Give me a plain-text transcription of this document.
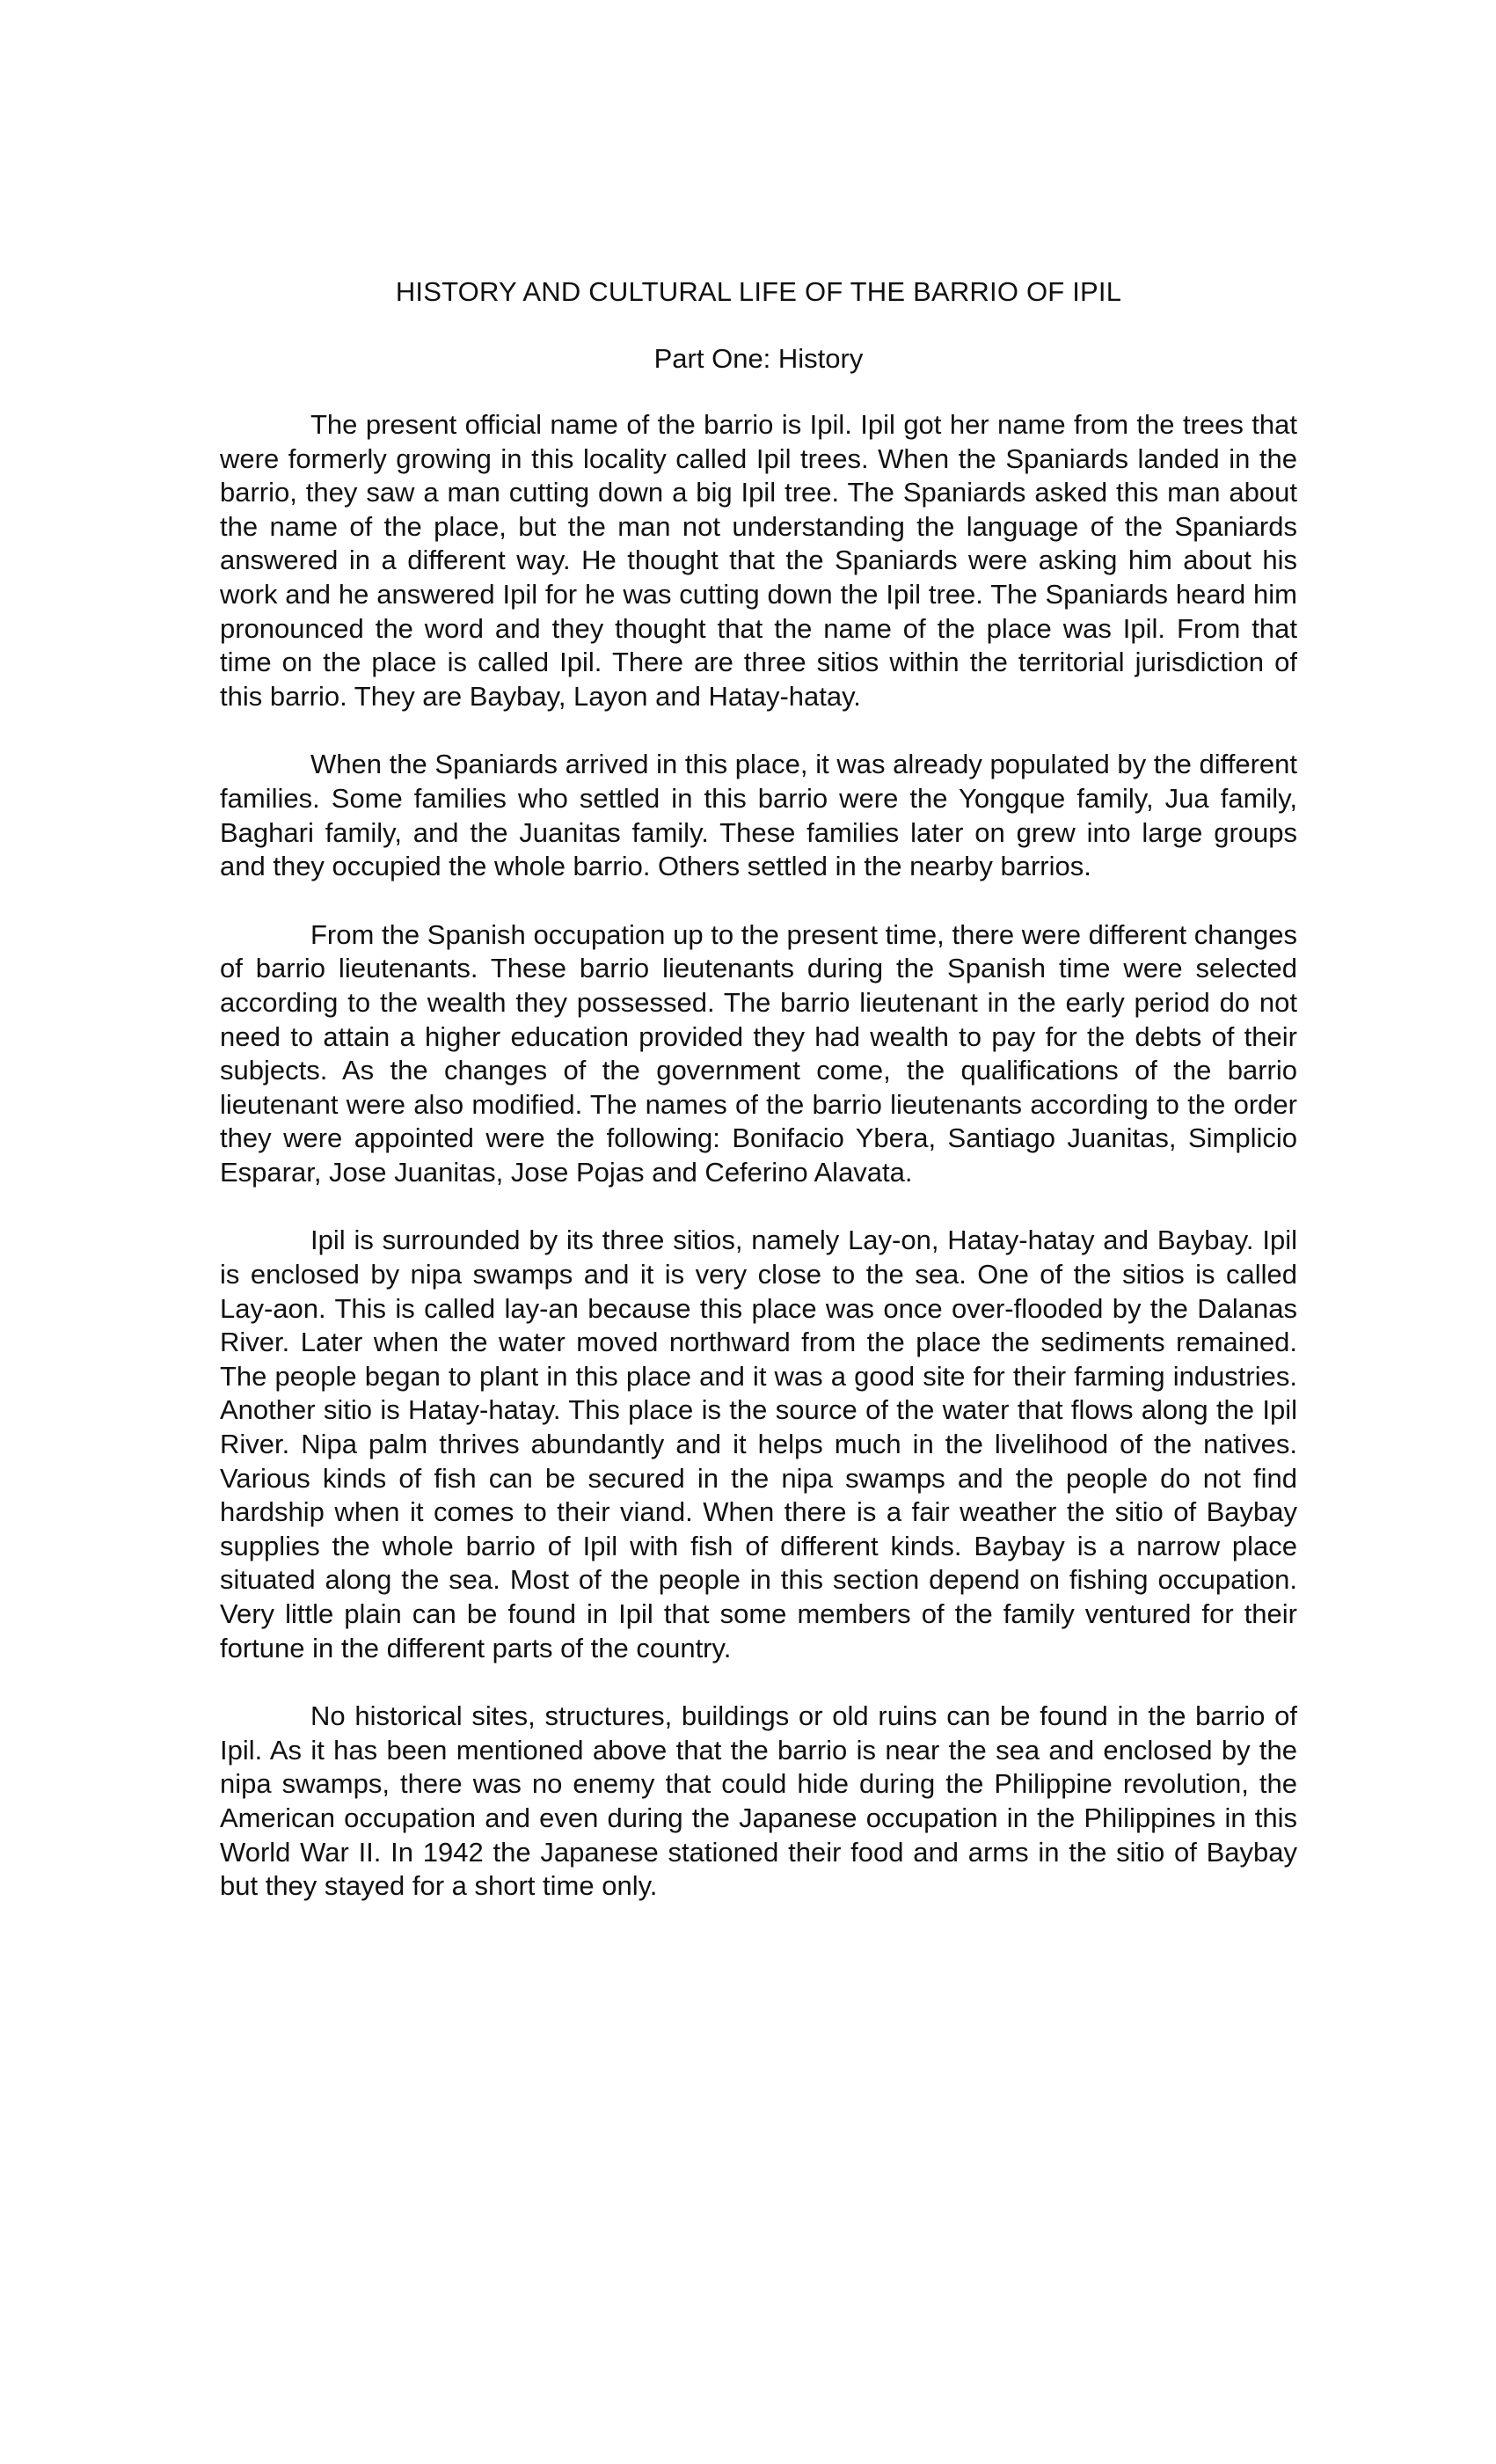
HISTORY AND CULTURAL LIFE OF THE BARRIO OF IPIL
Part One: History

The present official name of the barrio is Ipil. Ipil got her name from the trees that were formerly growing in this locality called Ipil trees. When the Spaniards landed in the barrio, they saw a man cutting down a big Ipil tree. The Spaniards asked this man about the name of the place, but the man not understanding the language of the Spaniards answered in a different way. He thought that the Spaniards were asking him about his work and he answered Ipil for he was cutting down the Ipil tree. The Spaniards heard him pronounced the word and they thought that the name of the place was Ipil. From that time on the place is called Ipil. There are three sitios within the territorial jurisdiction of this barrio. They are Baybay, Layon and Hatay-hatay.

When the Spaniards arrived in this place, it was already populated by the different families. Some families who settled in this barrio were the Yongque family, Jua family, Baghari family, and the Juanitas family. These families later on grew into large groups and they occupied the whole barrio. Others settled in the nearby barrios.

From the Spanish occupation up to the present time, there were different changes of barrio lieutenants. These barrio lieutenants during the Spanish time were selected according to the wealth they possessed. The barrio lieutenant in the early period do not need to attain a higher education provided they had wealth to pay for the debts of their subjects. As the changes of the government come, the qualifications of the barrio lieutenant were also modified. The names of the barrio lieutenants according to the order they were appointed were the following: Bonifacio Ybera, Santiago Juanitas, Simplicio Esparar, Jose Juanitas, Jose Pojas and Ceferino Alavata.

Ipil is surrounded by its three sitios, namely Lay-on, Hatay-hatay and Baybay. Ipil is enclosed by nipa swamps and it is very close to the sea. One of the sitios is called Lay-aon. This is called lay-an because this place was once over-flooded by the Dalanas River. Later when the water moved northward from the place the sediments remained. The people began to plant in this place and it was a good site for their farming industries. Another sitio is Hatay-hatay. This place is the source of the water that flows along the Ipil River. Nipa palm thrives abundantly and it helps much in the livelihood of the natives. Various kinds of fish can be secured in the nipa swamps and the people do not find hardship when it comes to their viand. When there is a fair weather the sitio of Baybay supplies the whole barrio of Ipil with fish of different kinds. Baybay is a narrow place situated along the sea. Most of the people in this section depend on fishing occupation. Very little plain can be found in Ipil that some members of the family ventured for their fortune in the different parts of the country.

No historical sites, structures, buildings or old ruins can be found in the barrio of Ipil. As it has been mentioned above that the barrio is near the sea and enclosed by the nipa swamps, there was no enemy that could hide during the Philippine revolution, the American occupation and even during the Japanese occupation in the Philippines in this World War II. In 1942 the Japanese stationed their food and arms in the sitio of Baybay but they stayed for a short time only.
